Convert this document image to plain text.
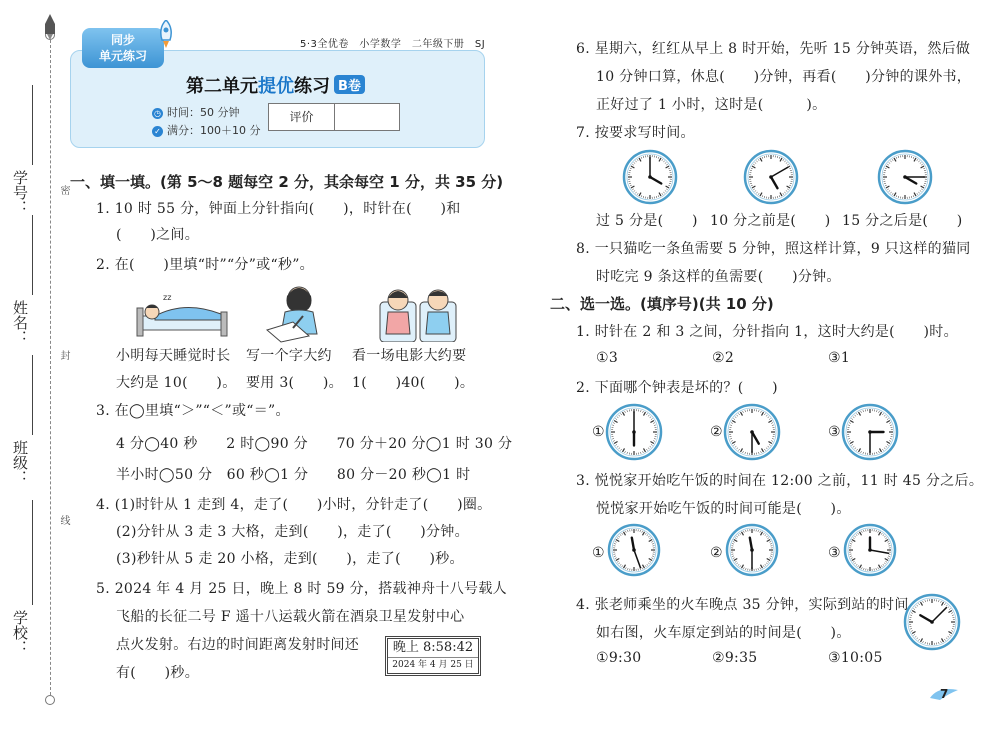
学号：
姓名：
班级：
学校：
密
封
线
同步
单元练习
5·3全优卷　小学数学　二年级下册　SJ
第二单元提优练习 B卷
◷ 时间：50 分钟
✓ 满分：100＋10 分
评价
一、填一填。(第 5～8 题每空 2 分，其余每空 1 分，共 35 分)
1. 10 时 55 分，钟面上分针指向(　　)，时针在(　　)和
(　　)之间。
2. 在(　　)里填“时”“分”或“秒”。
zz
小明每天睡觉时长
大约是 10(　　)。
写一个字大约
要用 3(　　)。
看一场电影大约要
1(　　)40(　　)。
3. 在◯里填“＞”“＜”或“＝”。
4 分◯40 秒　　2 时◯90 分　　70 分＋20 分◯1 时 30 分
半小时◯50 分　60 秒◯1 分　　80 分－20 秒◯1 时
4. (1)时针从 1 走到 4，走了(　　)小时，分针走了(　　)圈。
(2)分针从 3 走 3 大格，走到(　　)，走了(　　)分钟。
(3)秒针从 5 走 20 小格，走到(　　)，走了(　　)秒。
5. 2024 年 4 月 25 日，晚上 8 时 59 分，搭载神舟十八号载人
飞船的长征二号 F 遥十八运载火箭在酒泉卫星发射中心
点火发射。右边的时间距离发射时间还
有(　　)秒。
晚上 8:58:42
2024 年 4 月 25 日
6. 星期六，红红从早上 8 时开始，先听 15 分钟英语，然后做
10 分钟口算，休息(　　)分钟，再看(　　)分钟的课外书，
正好过了 1 小时，这时是(　　　)。
7. 按要求写时间。
过 5 分是(　　) 10 分之前是(　　) 15 分之后是(　　)
8. 一只猫吃一条鱼需要 5 分钟，照这样计算，9 只这样的猫同
时吃完 9 条这样的鱼需要(　　)分钟。
二、选一选。(填序号)(共 10 分)
1. 时针在 2 和 3 之间，分针指向 1，这时大约是(　　)时。
①3	②2	③1
2. 下面哪个钟表是坏的？(　　)
①	②	③
3. 悦悦家开始吃午饭的时间在 12:00 之前，11 时 45 分之后。
悦悦家开始吃午饭的时间可能是(　　)。
①	②	③
4. 张老师乘坐的火车晚点 35 分钟，实际到站的时间
如右图，火车原定到站的时间是(　　)。
①9:30	②9:35	③10:05
7
